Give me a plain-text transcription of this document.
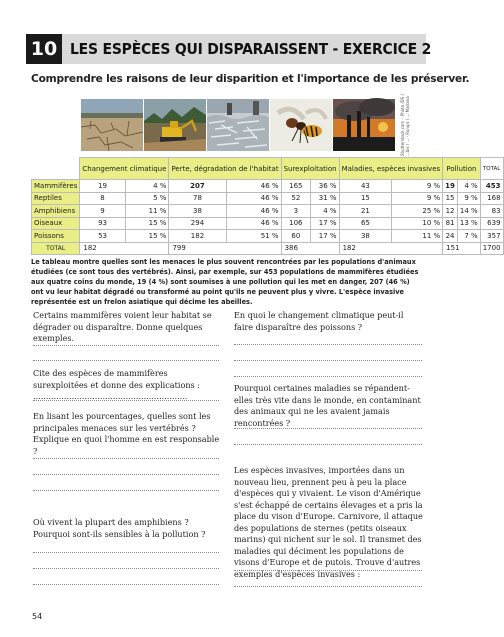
10 LES ESPÈCES QUI DISPARAISSENT - EXERCICE 2
Comprendre les raisons de leur disparition et l'importance de les préserver.
Shutterstock.com – Photo IDS / ...bis / ... - Rungis / ... Mariana
	Changement climatique		Perte, dégradation de l'habitat		Surexploitation		Maladies, espèces invasives		Pollution		TOTAL
Mammifères	19	4 %	207	46 %	165	36 %	43	9 %	19	4 %	453
Reptiles	8	5 %	78	46 %	52	31 %	15	9 %	15	9 %	168
Amphibiens	9	11 %	38	46 %	3	4 %	21	25 %	12	14 %	83
Oiseaux	93	15 %	294	46 %	106	17 %	65	10 %	81	13 %	639
Poissons	53	15 %	182	51 %	60	17 %	38	11 %	24	7 %	357
TOTAL	182		799		386		182		151		1700
Le tableau montre quelles sont les menaces le plus souvent rencontrées par les populations d'animaux étudiées (ce sont tous des vertébrés). Ainsi, par exemple, sur 453 populations de mammifères étudiées aux quatre coins du monde, 19 (4 %) sont soumises à une pollution qui les met en danger, 207 (46 %) ont vu leur habitat dégradé ou transformé au point qu'ils ne peuvent plus y vivre. L'espèce invasive représentée est un frelon asiatique qui décime les abeilles.
Certains mammifères voient leur habitat se dégrader ou disparaître. Donne quelques exemples.
Cite des espèces de mammifères surexploitées et donne des explications : ............................................................
En lisant les pourcentages, quelles sont les principales menaces sur les vertébrés ? Explique en quoi l'homme en est responsable ?
Où vivent la plupart des amphibiens ? Pourquoi sont-ils sensibles à la pollution ?
En quoi le changement climatique peut-il faire disparaître des poissons ?
Pourquoi certaines maladies se répandent-elles très vite dans le monde, en contaminant des animaux qui ne les avaient jamais rencontrées ?
Les espèces invasives, importées dans un nouveau lieu, prennent peu à peu la place d'espèces qui y vivaient. Le vison d'Amérique s'est échappé de certains élevages et a pris la place du vison d'Europe. Carnivore, il attaque des populations de sternes (petits oiseaux marins) qui nichent sur le sol. Il transmet des maladies qui déciment les populations de visons d'Europe et de putois. Trouve d'autres exemples d'espèces invasives :
54
